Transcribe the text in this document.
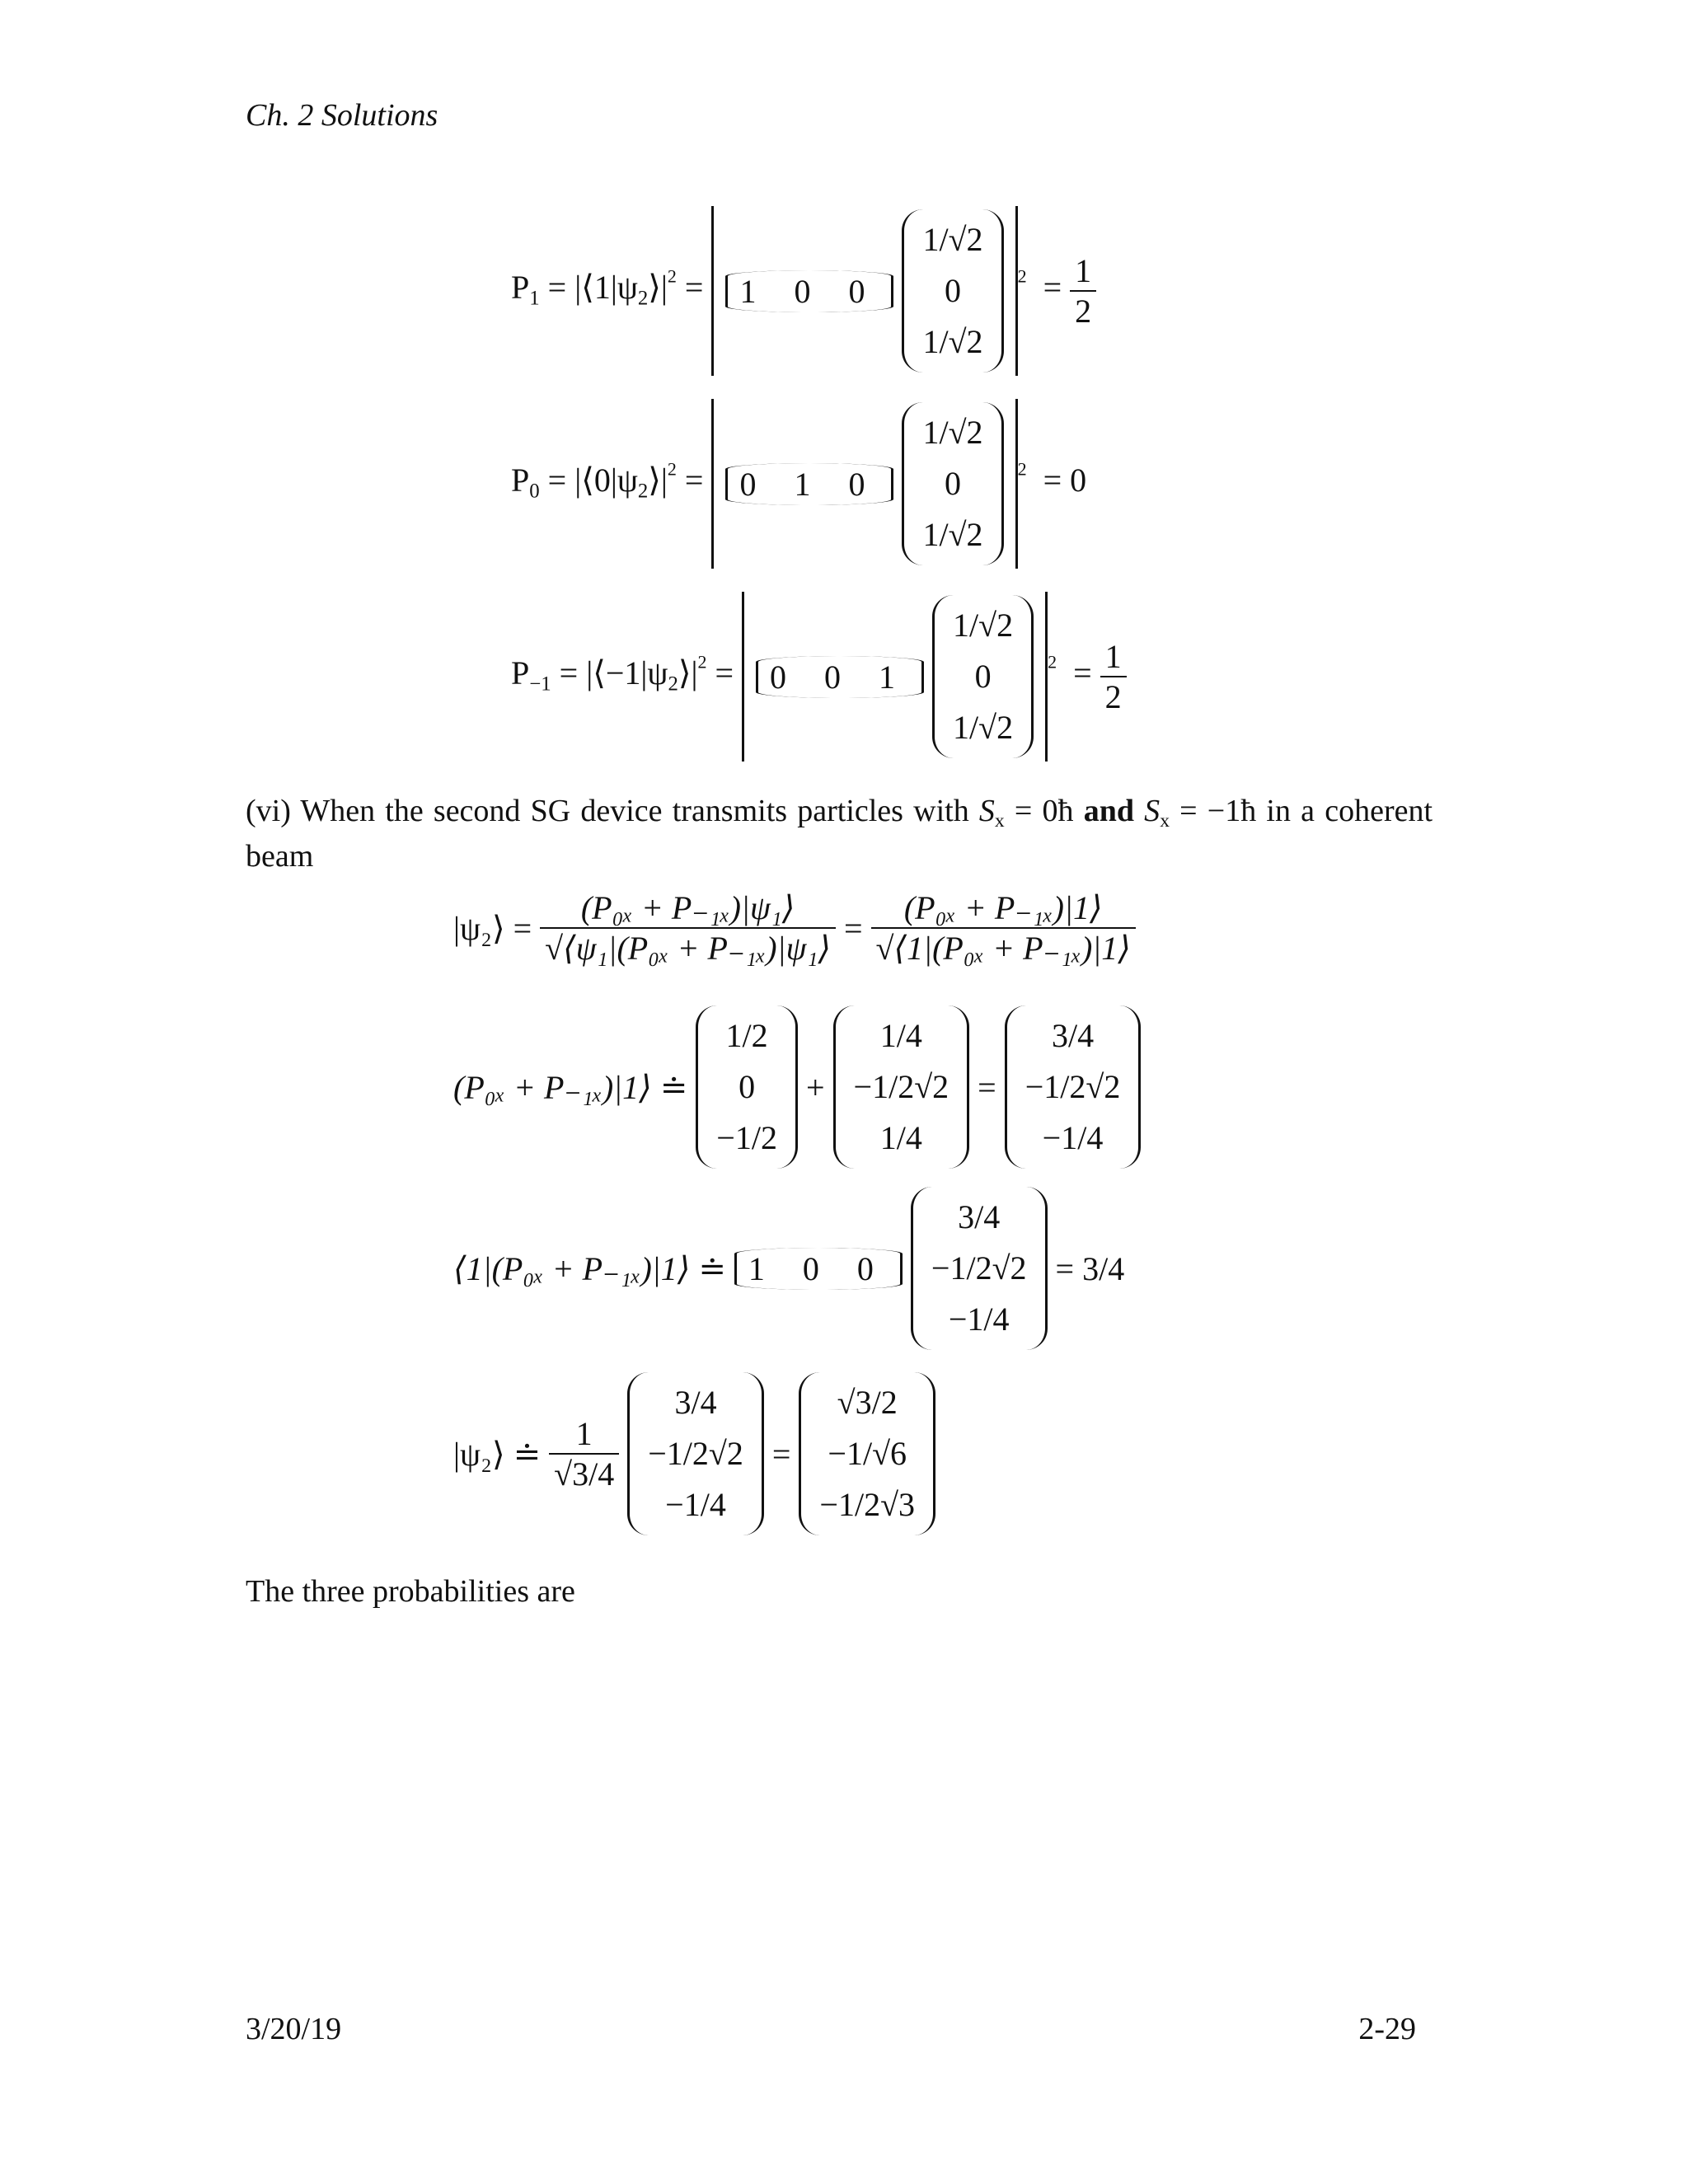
Ch. 2 Solutions
$P_1$ = $|⟨1|\psi_2⟩|^2 = 1$ 0 0
1/√2
0
1/√2
$^2 = \frac{1}{2}$
$P_0$ = $|⟨0|\psi_2⟩|^2 = 0$ 1 0
1/√2
0
1/√2
$^2$ = 0
$P_{-1}$ = $|⟨-1|\psi_2⟩|^2 = 0$ 0 1
1/√2
0
1/√2
$^2 = \frac{1}{2}$
(vi) When the second SG device transmits particles with $S_x$ = 0ħ and $S_x$ = −1ħ in a coherent beam
|ψ₂⟩ = $\frac{\text{(P₀ₓ + P₋₁ₓ)|ψ₁⟩}}{\text{√⟨ψ₁|(P₀ₓ + P₋₁ₓ)|ψ₁⟩}} = \frac{\text{(P₀ₓ + P₋₁ₓ)|1⟩}}{\text{√⟨1|(P₀ₓ + P₋₁ₓ)|1⟩}}$
(P₀ₓ + P₋₁ₓ)|1⟩ ≐
1/2
0
−1/2
+
1/4
−1/2√2
1/4
=
3/4
−1/2√2
−1/4
⟨1|(P₀ₓ + P₋₁ₓ)|1⟩ ≐ 1 0 0
3/4
−1/2√2
−1/4
= 3/4
|ψ₂⟩ ≐ $\frac{1}{√3/4}$

3/4
−1/2√2
−1/4
=
√3/2
−1/√6
−1/2√3
The three probabilities are
3/20/19	2-29
